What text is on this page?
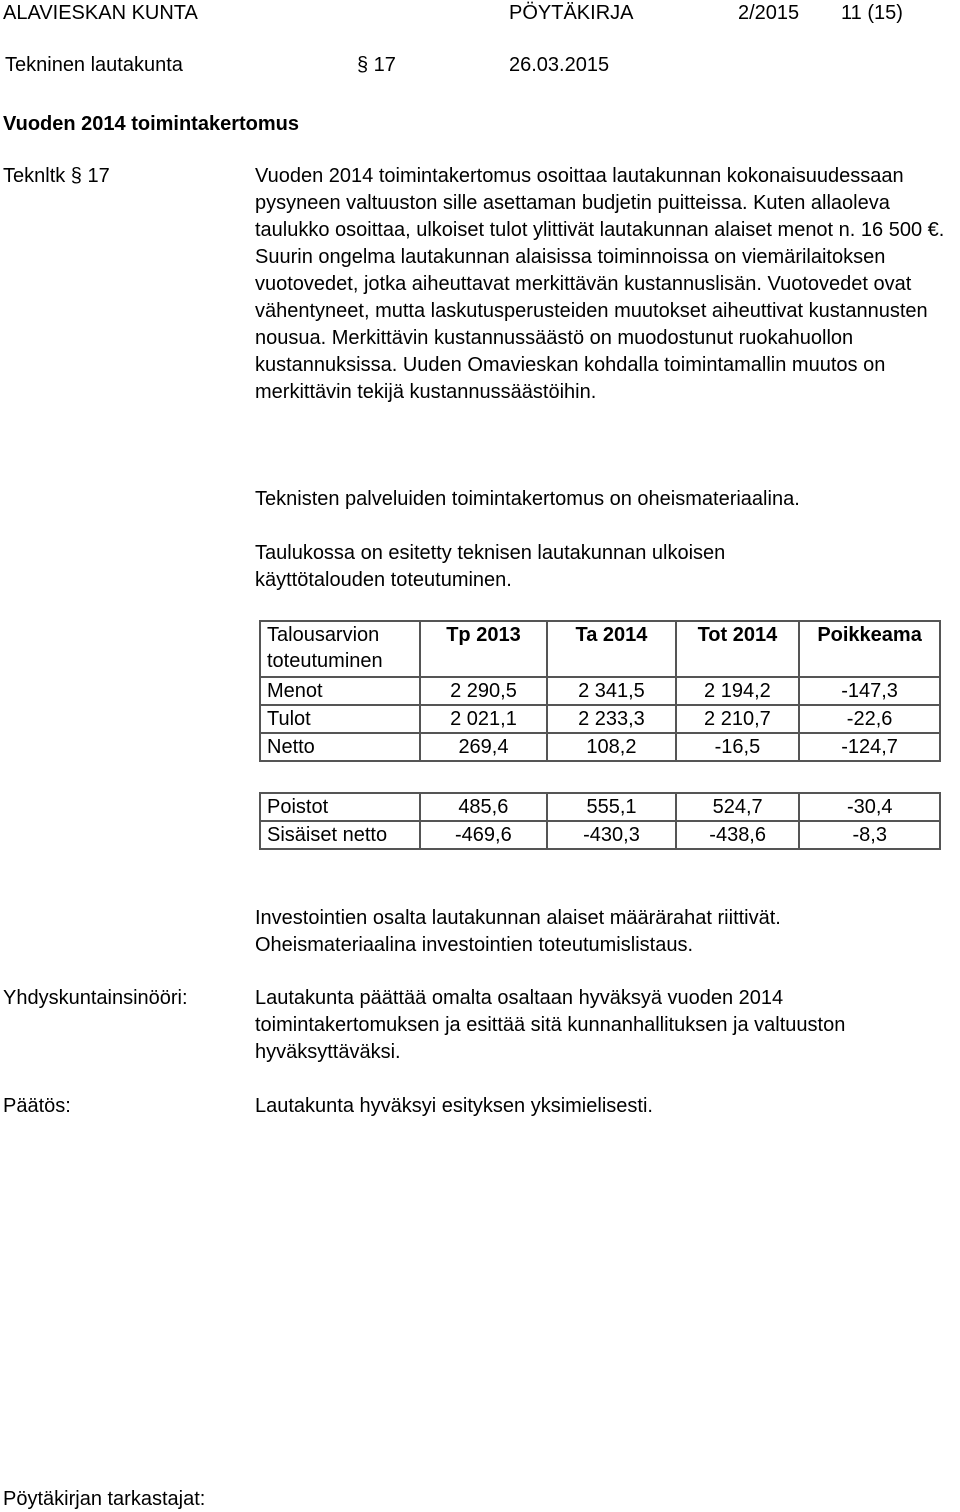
ALAVIESKAN KUNTA	PÖYTÄKIRJA	2/2015 11 (15)
Tekninen lautakunta	§ 17	26.03.2015
Vuoden 2014 toimintakertomus
Teknltk § 17	Vuoden 2014 toimintakertomus osoittaa lautakunnan kokonaisuudessaan pysyneen valtuuston sille asettaman budjetin puitteissa. Kuten allaoleva taulukko osoittaa, ulkoiset tulot ylittivät lautakunnan alaiset menot n. 16 500 €. Suurin ongelma lautakunnan alaisissa toiminnoissa on viemärilaitoksen vuotovedet, jotka aiheuttavat merkittävän kustannuslisän. Vuotovedet ovat vähentyneet, mutta laskutusperusteiden muutokset aiheuttivat kustannusten nousua. Merkittävin kustannussäästö on muodostunut ruokahuollon kustannuksissa. Uuden Omavieskan kohdalla toimintamallin muutos on merkittävin tekijä kustannussäästöihin.
Teknisten palveluiden toimintakertomus on oheismateriaalina.
Taulukossa on esitetty teknisen lautakunnan ulkoisen käyttötalouden toteutuminen.
Talousarvion toteutuminen	Tp 2013	Ta 2014	Tot 2014	Poikkeama
Menot	2 290,5	2 341,5	2 194,2	-147,3
Tulot	2 021,1	2 233,3	2 210,7	-22,6
Netto	269,4	108,2	-16,5	-124,7
Poistot	485,6	555,1	524,7	-30,4
Sisäiset netto	-469,6	-430,3	-438,6	-8,3
Investointien osalta lautakunnan alaiset määrärahat riittivät. Oheismateriaalina investointien toteutumislistaus.
Yhdyskuntainsinööri:	Lautakunta päättää omalta osaltaan hyväksyä vuoden 2014 toimintakertomuksen ja esittää sitä kunnanhallituksen ja valtuuston hyväksyttäväksi.
Päätös:	Lautakunta hyväksyi esityksen yksimielisesti.
Pöytäkirjan tarkastajat:
